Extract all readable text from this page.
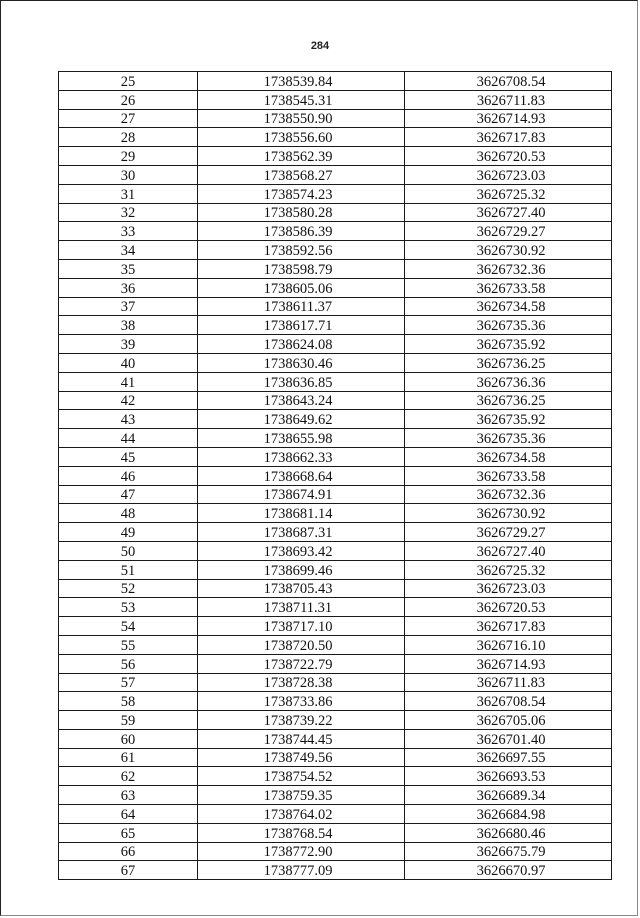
284
25	1738539.84	3626708.54
26	1738545.31	3626711.83
27	1738550.90	3626714.93
28	1738556.60	3626717.83
29	1738562.39	3626720.53
30	1738568.27	3626723.03
31	1738574.23	3626725.32
32	1738580.28	3626727.40
33	1738586.39	3626729.27
34	1738592.56	3626730.92
35	1738598.79	3626732.36
36	1738605.06	3626733.58
37	1738611.37	3626734.58
38	1738617.71	3626735.36
39	1738624.08	3626735.92
40	1738630.46	3626736.25
41	1738636.85	3626736.36
42	1738643.24	3626736.25
43	1738649.62	3626735.92
44	1738655.98	3626735.36
45	1738662.33	3626734.58
46	1738668.64	3626733.58
47	1738674.91	3626732.36
48	1738681.14	3626730.92
49	1738687.31	3626729.27
50	1738693.42	3626727.40
51	1738699.46	3626725.32
52	1738705.43	3626723.03
53	1738711.31	3626720.53
54	1738717.10	3626717.83
55	1738720.50	3626716.10
56	1738722.79	3626714.93
57	1738728.38	3626711.83
58	1738733.86	3626708.54
59	1738739.22	3626705.06
60	1738744.45	3626701.40
61	1738749.56	3626697.55
62	1738754.52	3626693.53
63	1738759.35	3626689.34
64	1738764.02	3626684.98
65	1738768.54	3626680.46
66	1738772.90	3626675.79
67	1738777.09	3626670.97
